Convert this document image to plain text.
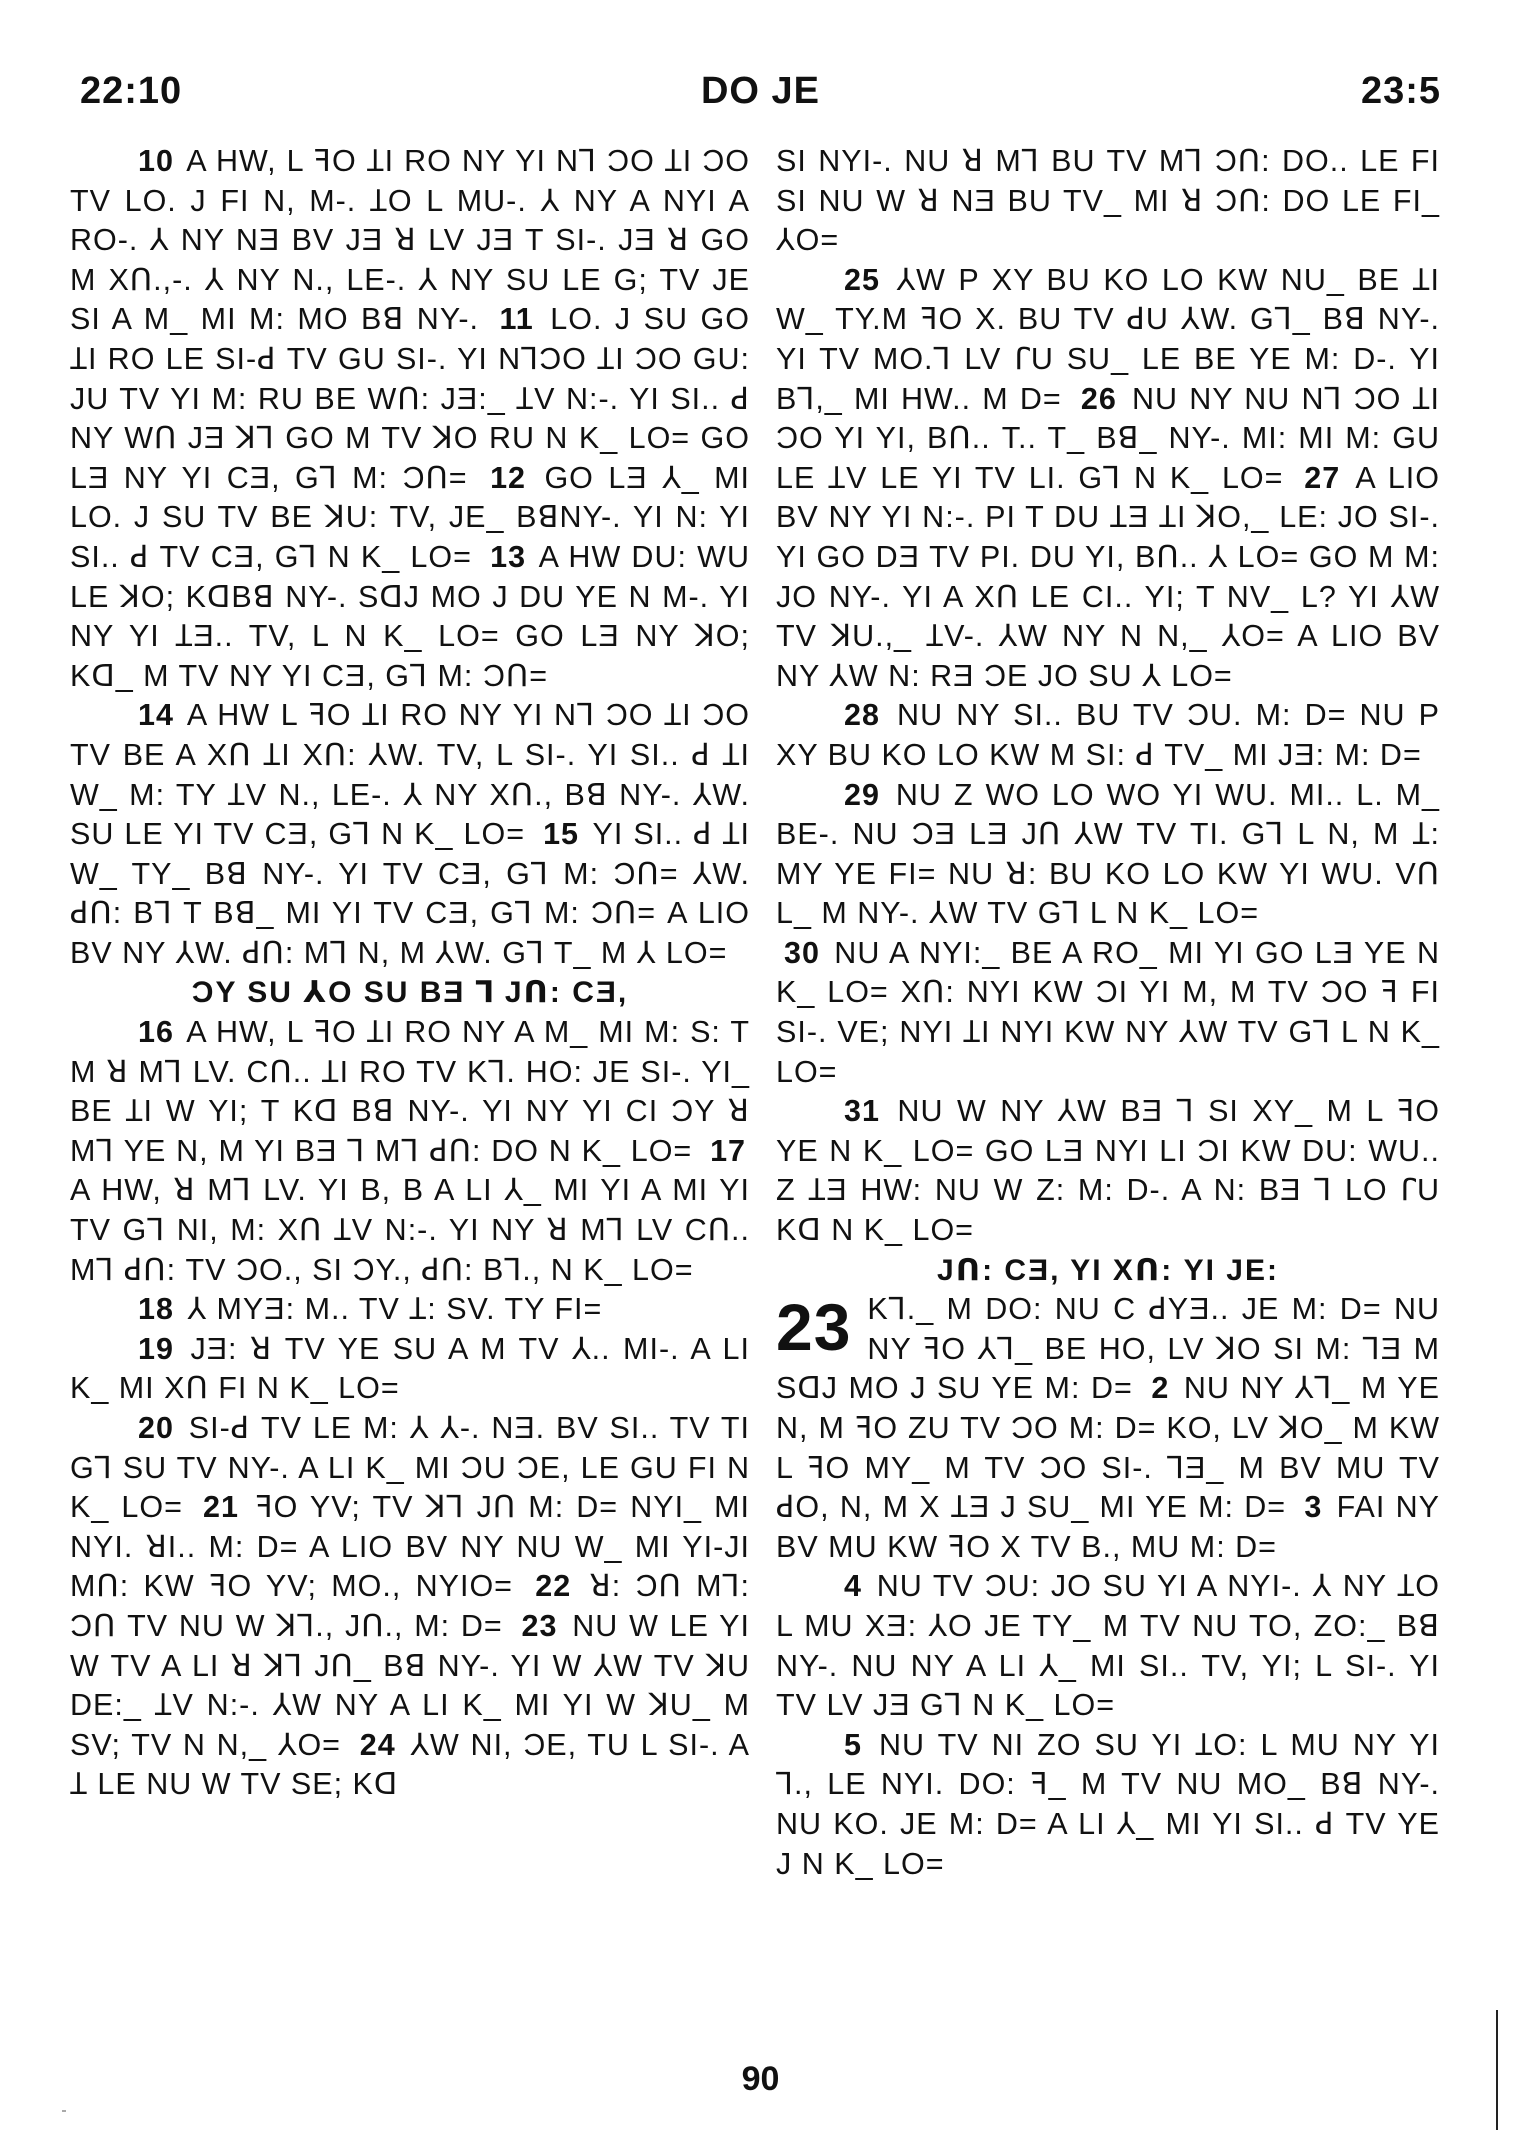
22:10	DO JE	23:5

10 A HW, L ꟻO ꞱI RO NY YI N⅂ ƆO ꞱI ƆO TV LO. J FI N, M-. ꞱO L MU-. ⅄ NY A NYI A RO-. ⅄ NY NƎ BV JƎ ꓤ LV JƎ T SI-. JƎ ꓤ GO M Xꓵ.,-. ⅄ NY N., LE-. ⅄ NY SU LE G; TV JE SI A M_ MI M: MO Bꓭ NY-. 11 LO. J SU GO ꞱI RO LE SI-ꓒ TV GU SI-. YI N⅂ƆO ꞱI ƆO GU: JU TV YI M: RU BE Wꓵ: JƎ:_ ꞱV N:-. YI SI.. ꓒ NY Wꓵ JƎ ꓘ⅂ GO M TV ꓘO RU N K_ LO= GO LƎ NY YI CƎ, G⅂ M: Ɔꓵ= 12 GO LƎ ⅄_ MI LO. J SU TV BE ꓘU: TV, JE_ BꓭNY-. YI N: YI SI.. ꓒ TV CƎ, G⅂ N K_ LO= 13 A HW DU: WU LE ꓘO; KꓷBꓭ NY-. SꓷJ MO J DU YE N M-. YI NY YI ꞱƎ.. TV, L N K_ LO= GO LƎ NY ꓘO; Kꓷ_ M TV NY YI CƎ, G⅂ M: Ɔꓵ=

14 A HW L ꟻO ꞱI RO NY YI N⅂ ƆO ꞱI ƆO TV BE A Xꓵ ꞱI Xꓵ: ⅄W. TV, L SI-. YI SI.. ꓒ ꞱI W_ M: TY ꞱV N., LE-. ⅄ NY Xꓵ., Bꓭ NY-. ⅄W. SU LE YI TV CƎ, G⅂ N K_ LO= 15 YI SI.. ꓒ ꞱI W_ TY_ Bꓭ NY-. YI TV CƎ, G⅂ M: Ɔꓵ= ⅄W. ꓒꓵ: B⅂ T Bꓭ_ MI YI TV CƎ, G⅂ M: Ɔꓵ= A LIO BV NY ⅄W. ꓒꓵ: M⅂ N, M ⅄W. G⅂ T_ M ⅄ LO=

ƆY SU ⅄O SU BƎ ⅂ Jꓵ: CƎ,

16 A HW, L ꟻO ꞱI RO NY A M_ MI M: S: T M ꓤ M⅂ LV. Cꓵ.. ꞱI RO TV K⅂. HO: JE SI-. YI_ BE ꞱI W YI; T Kꓷ Bꓭ NY-. YI NY YI CI ƆY ꓤ M⅂ YE N, M YI BƎ ⅂ M⅂ ꓒꓵ: DO N K_ LO= 17 A HW, ꓤ M⅂ LV. YI B, B A LI ⅄_ MI YI A MI YI TV G⅂ NI, M: Xꓵ ꞱV N:-. YI NY ꓤ M⅂ LV Cꓵ.. M⅂ ꓒꓵ: TV ƆO., SI ƆY., ꓒꓵ: B⅂., N K_ LO=

18 ⅄ MYƎ: M.. TV Ʇ: SV. TY FI=

19 JƎ: ꓤ TV YE SU A M TV ⅄.. MI-. A LI K_ MI Xꓵ FI N K_ LO=

20 SI-ꓒ TV LE M: ⅄ ⅄-. NƎ. BV SI.. TV TI G⅂ SU TV NY-. A LI K_ MI ƆU ƆE, LE GU FI N K_ LO= 21 ꟻO YV; TV ꓘ⅂ Jꓵ M: D= NYI_ MI NYI. ꓤI.. M: D= A LIO BV NY NU W_ MI YI-JI Mꓵ: KW ꟻO YV; MO., NYIO= 22 ꓤ: Ɔꓵ M⅂: Ɔꓵ TV NU W ꓘ⅂., Jꓵ., M: D= 23 NU W LE YI W TV A LI ꓤ ꓘ⅂ Jꓵ_ Bꓭ NY-. YI W ⅄W TV ꓘU DE:_ ꞱV N:-. ⅄W NY A LI K_ MI YI W ꓘU_ M SV; TV N N,_ ⅄O= 24 ⅄W NI, ƆE, TU L SI-. A Ʇ LE NU W TV SE; Kꓷ

SI NYI-. NU ꓤ M⅂ BU TV M⅂ Ɔꓵ: DO.. LE FI SI NU W ꓤ NƎ BU TV_ MI ꓤ Ɔꓵ: DO LE FI_ ⅄O=

25 ⅄W P XY BU KO LO KW NU_ BE ꞱI W_ TY.M ꟻO X. BU TV ꓒU ⅄W. G⅂_ Bꓭ NY-. YI TV MO.⅂ LV ꓩU SU_ LE BE YE M: D-. YI B⅂,_ MI HW.. M D= 26 NU NY NU N⅂ ƆO ꞱI ƆO YI YI, Bꓵ.. T.. T_ Bꓭ_ NY-. MI: MI M: GU LE ꞱV LE YI TV LI. G⅂ N K_ LO= 27 A LIO BV NY YI N:-. PI T DU ꞱƎ ꞱI ꓘO,_ LE: JO SI-. YI GO DƎ TV PI. DU YI, Bꓵ.. ⅄ LO= GO M M: JO NY-. YI A Xꓵ LE CI.. YI; T NV_ L? YI ⅄W TV ꓘU.,_ ꞱV-. ⅄W NY N N,_ ⅄O= A LIO BV NY ⅄W N: RƎ ƆE JO SU ⅄ LO=

28 NU NY SI.. BU TV ƆU. M: D= NU P XY BU KO LO KW M SI: ꓒ TV_ MI JƎ: M: D=

29 NU Z WO LO WO YI WU. MI.. L. M_ BE-. NU ƆƎ LƎ Jꓵ ⅄W TV TI. G⅂ L N, M Ʇ: MY YE FI= NU ꓤ: BU KO LO KW YI WU. Vꓵ L_ M NY-. ⅄W TV G⅂ L N K_ LO=

30 NU A NYI:_ BE A RO_ MI YI GO LƎ YE N K_ LO= Xꓵ: NYI KW ƆI YI M, M TV ƆO ꟻ FI SI-. VE; NYI ꞱI NYI KW NY ⅄W TV G⅂ L N K_ LO=

31 NU W NY ⅄W BƎ ⅂ SI XY_ M L ꟻO YE N K_ LO= GO LƎ NYI LI ƆI KW DU: WU.. Z ꞱƎ HW: NU W Z: M: D-. A N: BƎ ⅂ LO ꓩU Kꓷ N K_ LO=

Jꓵ: CƎ, YI Xꓵ: YI JE:

23 K⅂._ M DO: NU C ꓒYƎ.. JE M: D= NU NY ꟻO ⅄⅂_ BE HO, LV ꓘO SI M: ⅂Ǝ M SꓷJ MO J SU YE M: D= 2 NU NY ⅄⅂_ M YE N, M ꟻO ZU TV ƆO M: D= KO, LV ꓘO_ M KW L ꟻO MY_ M TV ƆO SI-. ⅂Ǝ_ M BV MU TV ꓒO, N, M X ꞱƎ J SU_ MI YE M: D= 3 FAI NY BV MU KW ꟻO X TV B., MU M: D=

4 NU TV ƆU: JO SU YI A NYI-. ⅄ NY ꞱO L MU XƎ: ⅄O JE TY_ M TV NU TO, ZO:_ Bꓭ NY-. NU NY A LI ⅄_ MI SI.. TV, YI; L SI-. YI TV LV JƎ G⅂ N K_ LO=

5 NU TV NI ZO SU YI ꞱO: L MU NY YI ⅂., LE NYI. DO: ꟻ_ M TV NU MO_ Bꓭ NY-. NU KO. JE M: D= A LI ⅄_ MI YI SI.. ꓒ TV YE J N K_ LO=

90
